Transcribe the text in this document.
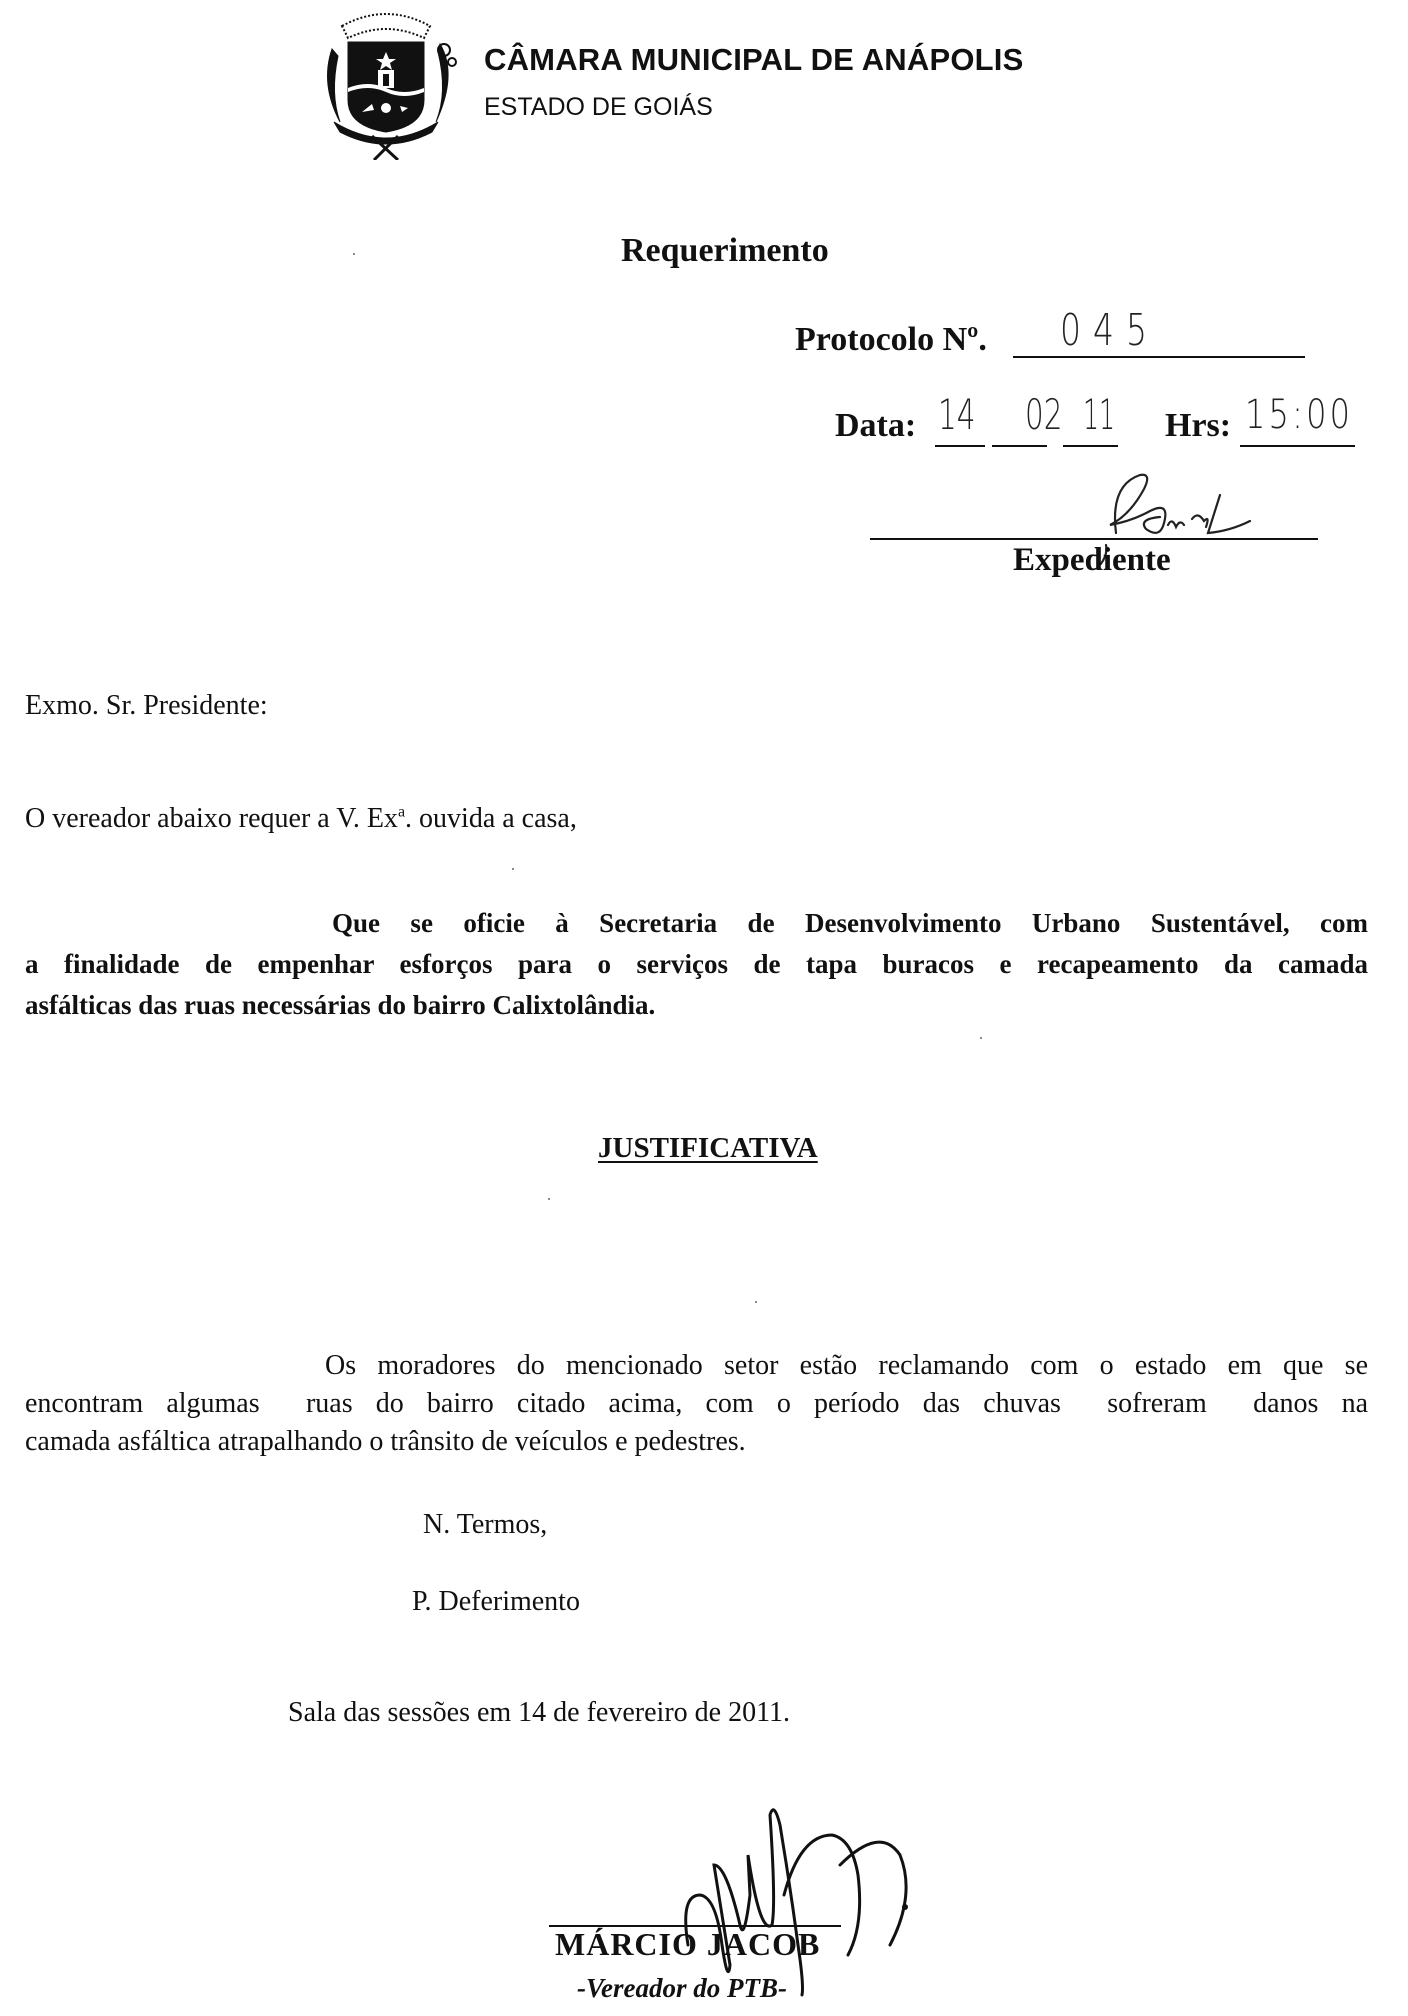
CÂMARA MUNICIPAL DE ANÁPOLIS
ESTADO DE GOIÁS
Requerimento
Protocolo Nº. 045
Data: 14 02 11 Hrs: 15:00
Expediente
Exmo. Sr. Presidente:
O vereador abaixo requer a V. Ex$^a$. ouvida a casa,
Que se oficie à Secretaria de Desenvolvimento Urbano Sustentável, com
a finalidade de empenhar esforços para o serviços de tapa buracos e recapeamento da camada
asfálticas das ruas necessárias do bairro Calixtolândia.
JUSTIFICATIVA
Os moradores do mencionado setor estão reclamando com o estado em que se
encontram algumas  ruas do bairro citado acima, com o período das chuvas  sofreram  danos na
camada asfáltica atrapalhando o trânsito de veículos e pedestres.
N. Termos,
P. Deferimento
Sala das sessões em 14 de fevereiro de 2011.
MÁRCIO JACOB
-Vereador do PTB-
